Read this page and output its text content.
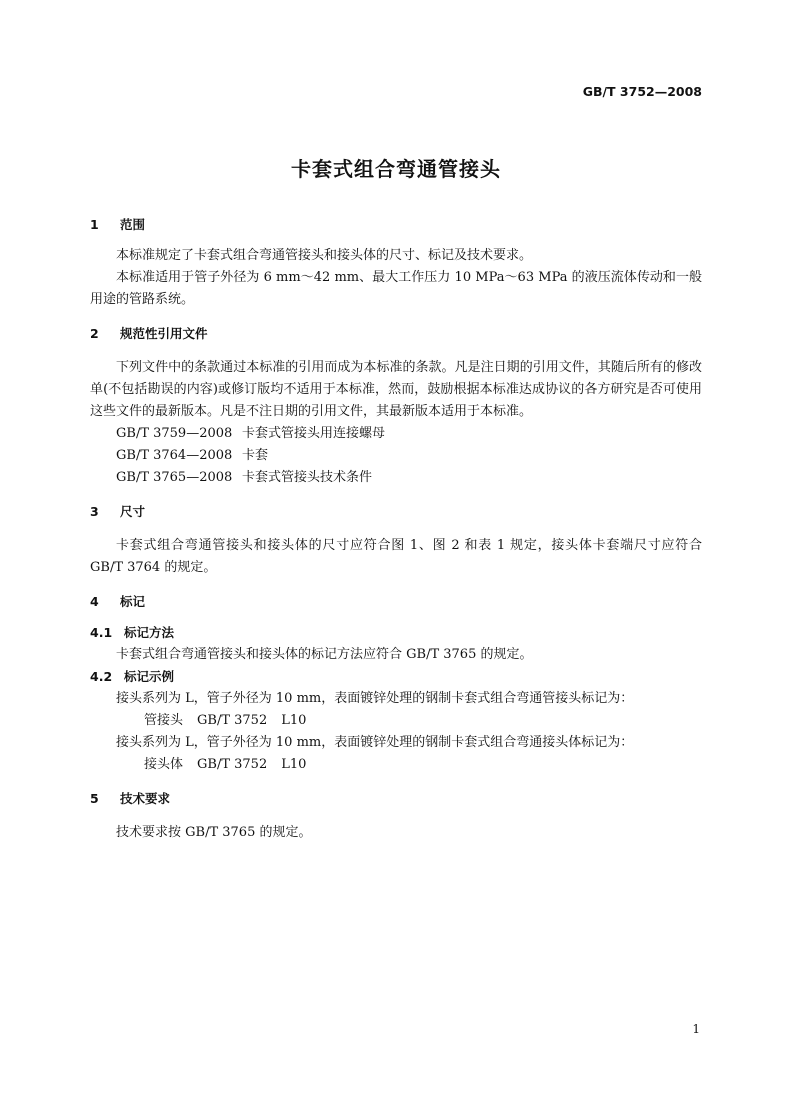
GB/T 3752—2008
卡套式组合弯通管接头
1 范围
本标准规定了卡套式组合弯通管接头和接头体的尺寸、标记及技术要求。
本标准适用于管子外径为 6 mm～42 mm、最大工作压力 10 MPa～63 MPa 的液压流体传动和一般用途的管路系统。
2 规范性引用文件
下列文件中的条款通过本标准的引用而成为本标准的条款。凡是注日期的引用文件，其随后所有的修改单(不包括勘误的内容)或修订版均不适用于本标准，然而，鼓励根据本标准达成协议的各方研究是否可使用这些文件的最新版本。凡是不注日期的引用文件，其最新版本适用于本标准。
GB/T 3759—2008 卡套式管接头用连接螺母
GB/T 3764—2008 卡套
GB/T 3765—2008 卡套式管接头技术条件
3 尺寸
卡套式组合弯通管接头和接头体的尺寸应符合图 1、图 2 和表 1 规定，接头体卡套端尺寸应符合 GB/T 3764 的规定。
4 标记
4.1 标记方法
卡套式组合弯通管接头和接头体的标记方法应符合 GB/T 3765 的规定。
4.2 标记示例
接头系列为 L，管子外径为 10 mm，表面镀锌处理的钢制卡套式组合弯通管接头标记为：
管接头 GB/T 3752 L10
接头系列为 L，管子外径为 10 mm，表面镀锌处理的钢制卡套式组合弯通接头体标记为：
接头体 GB/T 3752 L10
5 技术要求
技术要求按 GB/T 3765 的规定。
1
